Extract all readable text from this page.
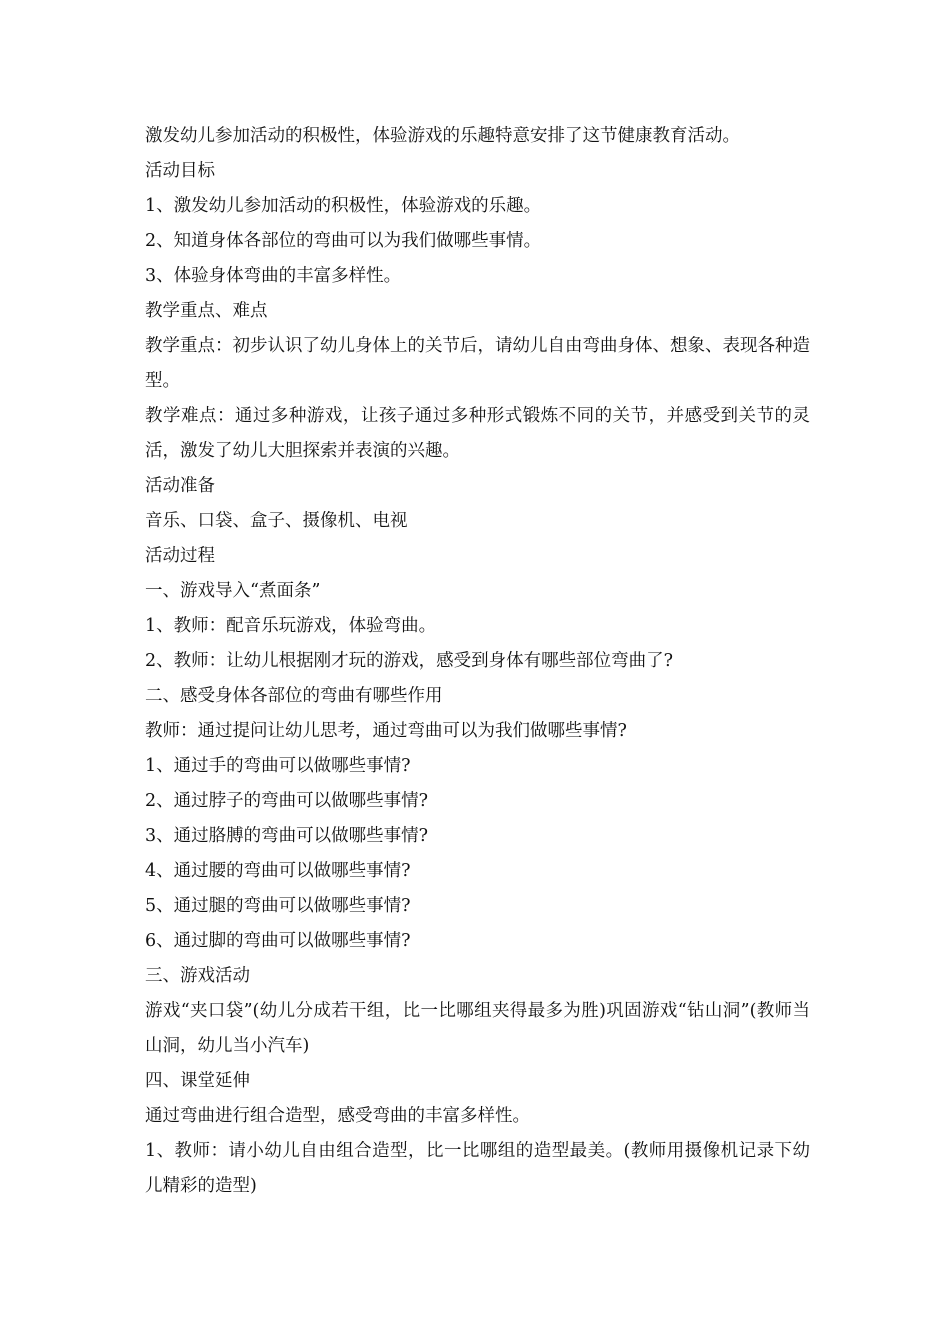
激发幼儿参加活动的积极性，体验游戏的乐趣特意安排了这节健康教育活动。

活动目标

1、激发幼儿参加活动的积极性，体验游戏的乐趣。

2、知道身体各部位的弯曲可以为我们做哪些事情。

3、体验身体弯曲的丰富多样性。

教学重点、难点

教学重点：初步认识了幼儿身体上的关节后，请幼儿自由弯曲身体、想象、表现各种造型。

教学难点：通过多种游戏，让孩子通过多种形式锻炼不同的关节，并感受到关节的灵活，激发了幼儿大胆探索并表演的兴趣。

活动准备

音乐、口袋、盒子、摄像机、电视

活动过程

一、游戏导入“煮面条”

1、教师：配音乐玩游戏，体验弯曲。

2、教师：让幼儿根据刚才玩的游戏，感受到身体有哪些部位弯曲了?

二、感受身体各部位的弯曲有哪些作用

教师：通过提问让幼儿思考，通过弯曲可以为我们做哪些事情?

1、通过手的弯曲可以做哪些事情?

2、通过脖子的弯曲可以做哪些事情?

3、通过胳膊的弯曲可以做哪些事情?

4、通过腰的弯曲可以做哪些事情?

5、通过腿的弯曲可以做哪些事情?

6、通过脚的弯曲可以做哪些事情?

三、游戏活动

游戏“夹口袋”(幼儿分成若干组，比一比哪组夹得最多为胜)巩固游戏“钻山洞”(教师当山洞，幼儿当小汽车)

四、课堂延伸

通过弯曲进行组合造型，感受弯曲的丰富多样性。

1、教师：请小幼儿自由组合造型，比一比哪组的造型最美。(教师用摄像机记录下幼儿精彩的造型)
